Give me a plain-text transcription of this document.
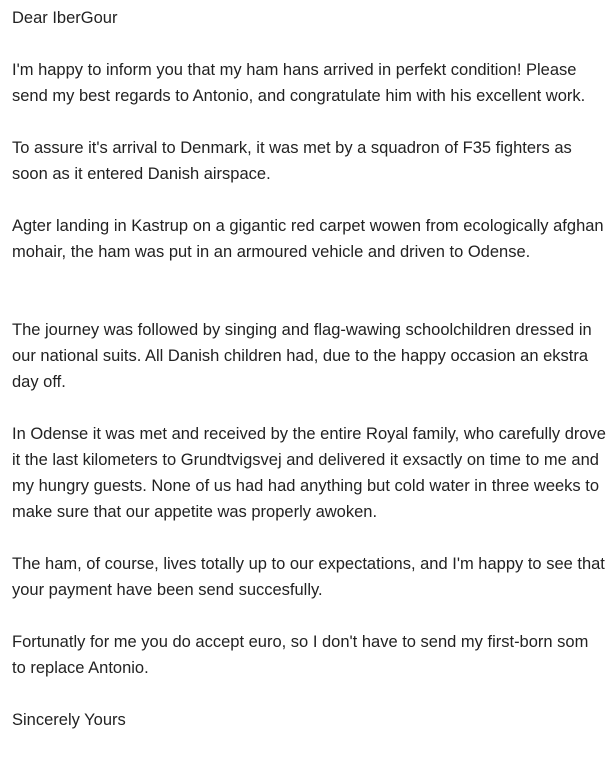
Dear IberGour

I'm happy to inform you that my ham hans arrived in perfekt condition! Please send my best regards to Antonio, and congratulate him with his excellent work.

To assure it's arrival to Denmark, it was met by a squadron of F35 fighters as soon as it entered Danish airspace.

Agter landing in Kastrup on a gigantic red carpet wowen from ecologically afghan mohair, the ham was put in an armoured vehicle and driven to Odense.

The journey was followed by singing and flag-wawing schoolchildren dressed in our national suits. All Danish children had, due to the happy occasion an ekstra day off.

In Odense it was met and received by the entire Royal family, who carefully drove it the last kilometers to Grundtvigsvej and delivered it exsactly on time to me and my hungry guests. None of us had had anything but cold water in three weeks to make sure that our appetite was properly awoken.

The ham, of course, lives totally up to our expectations, and I'm happy to see that your payment have been send succesfully.

Fortunatly for me you do accept euro, so I don't have to send my first-born som to replace Antonio.

Sincerely Yours
